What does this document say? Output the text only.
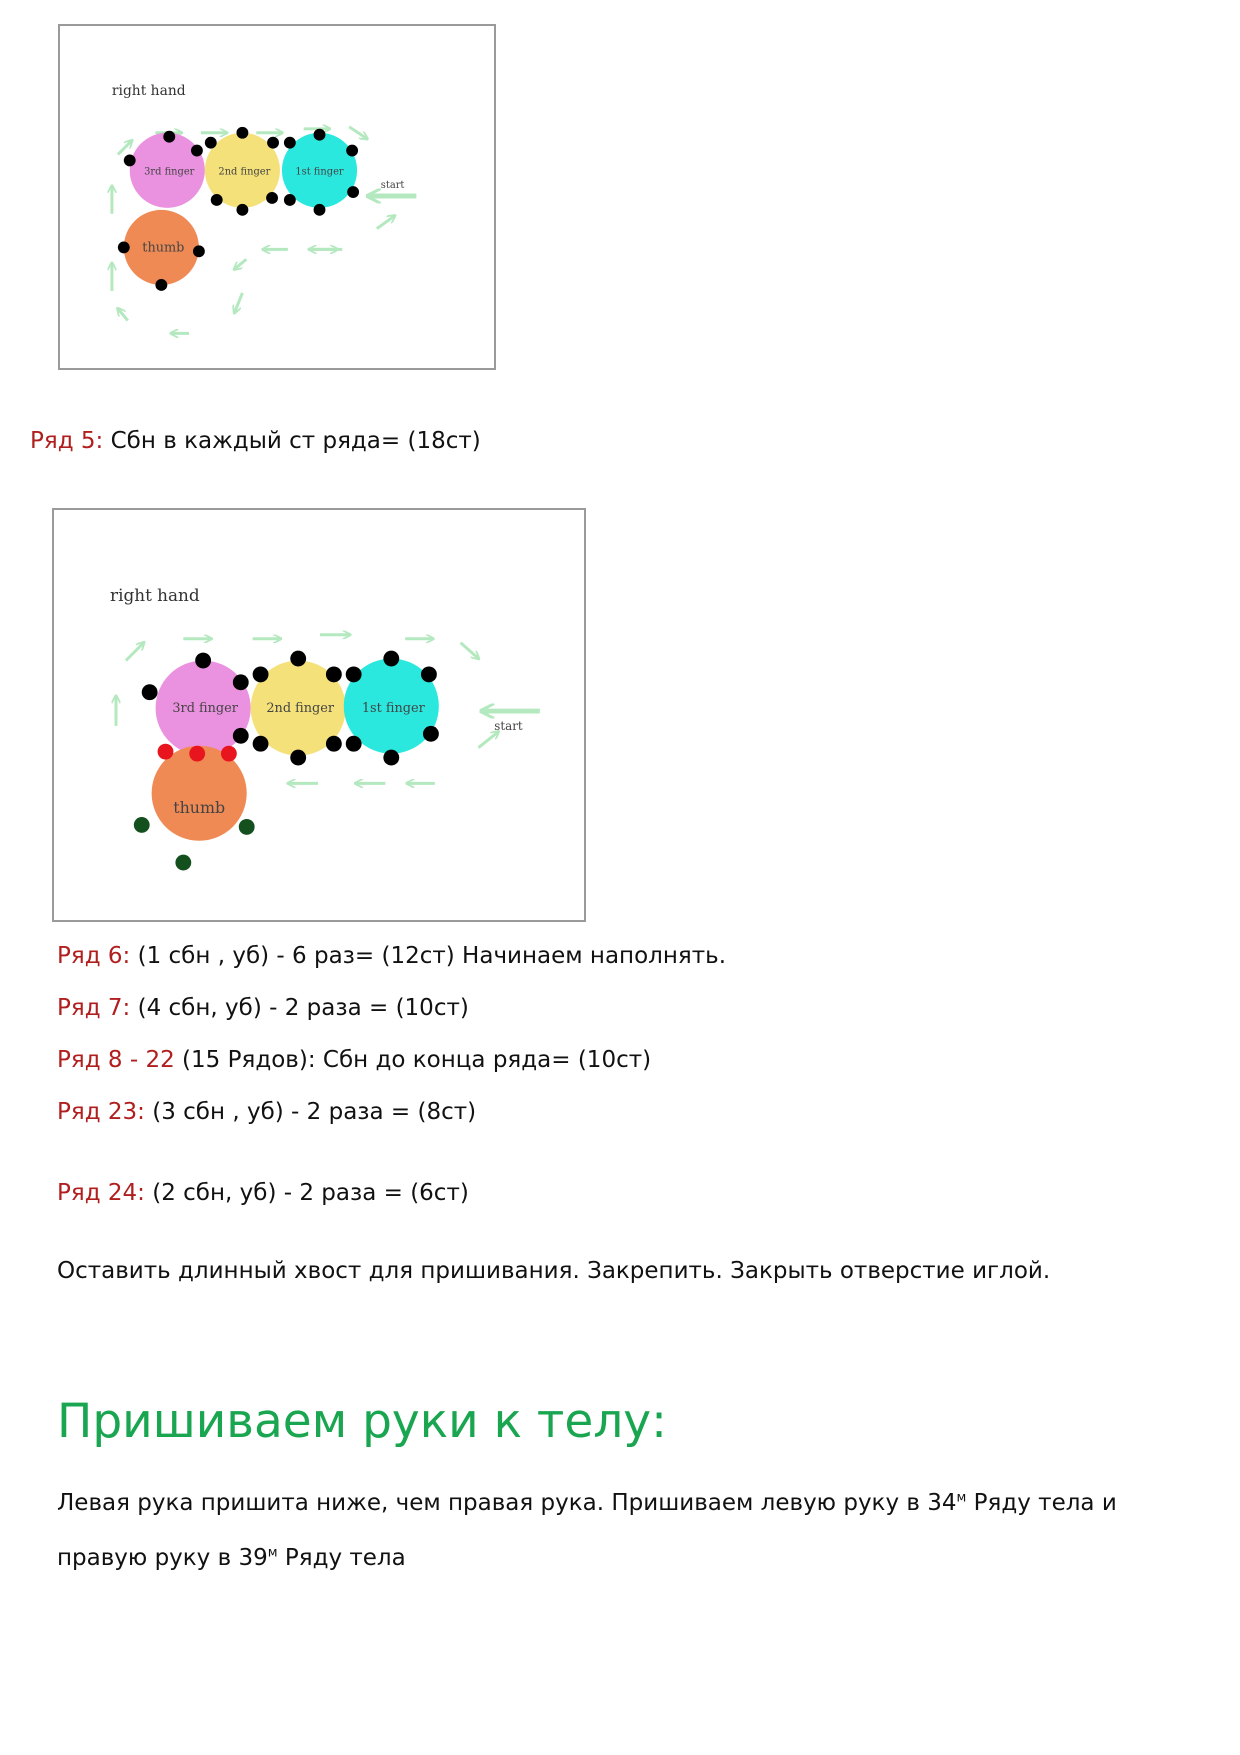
right hand
3rd finger 2nd finger	1st finger
thumb
start
Ряд 5: Сбн в каждый ст ряда= (18ст)
right hand
3rd finger 2nd finger 1st finger
thumb
start
Ряд 6: (1 сбн , уб) - 6 раз= (12ст) Начинаем наполнять.
Ряд 7: (4 сбн, уб) - 2 раза = (10ст)
Ряд 8 - 22 (15 Рядов): Сбн до конца ряда= (10ст)
Ряд 23: (3 сбн , уб) - 2 раза = (8ст)
Ряд 24: (2 сбн, уб) - 2 раза = (6ст)
Оставить длинный хвост для пришивания. Закрепить. Закрыть отверстие иглой.
Пришиваем руки к телу:
Левая рука пришита ниже, чем правая рука. Пришиваем левую руку в $34^м$ Ряду тела и
правую руку в $39^м$ Ряду тела
